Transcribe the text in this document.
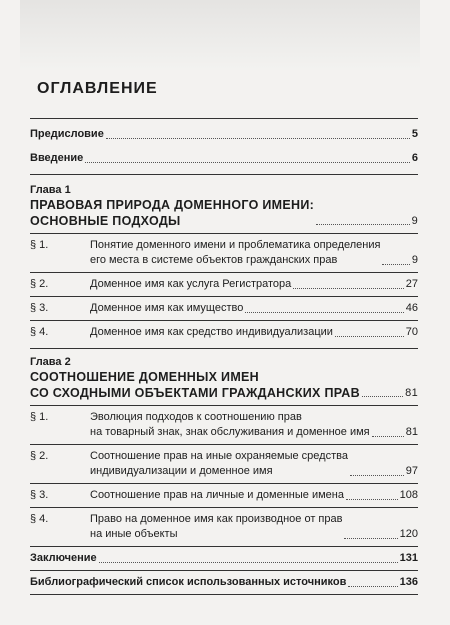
ОГЛАВЛЕНИЕ
Предисловие	5
Введение	6
Глава 1
ПРАВОВАЯ ПРИРОДА ДОМЕННОГО ИМЕНИ:
ОСНОВНЫЕ ПОДХОДЫ	9
§ 1.	Понятие доменного имени и проблематика определения
его места в системе объектов гражданских прав	9
§ 2.	Доменное имя как услуга Регистратора	27
§ 3.	Доменное имя как имущество	46
§ 4.	Доменное имя как средство индивидуализации	70
Глава 2
СООТНОШЕНИЕ ДОМЕННЫХ ИМЕН
СО СХОДНЫМИ ОБЪЕКТАМИ ГРАЖДАНСКИХ ПРАВ	81
§ 1.	Эволюция подходов к соотношению прав
на товарный знак, знак обслуживания и доменное имя	81
§ 2.	Соотношение прав на иные охраняемые средства
индивидуализации и доменное имя	97
§ 3.	Соотношение прав на личные и доменные имена	108
§ 4.	Право на доменное имя как производное от прав
на иные объекты	120
Заключение	131
Библиографический список использованных источников	136
